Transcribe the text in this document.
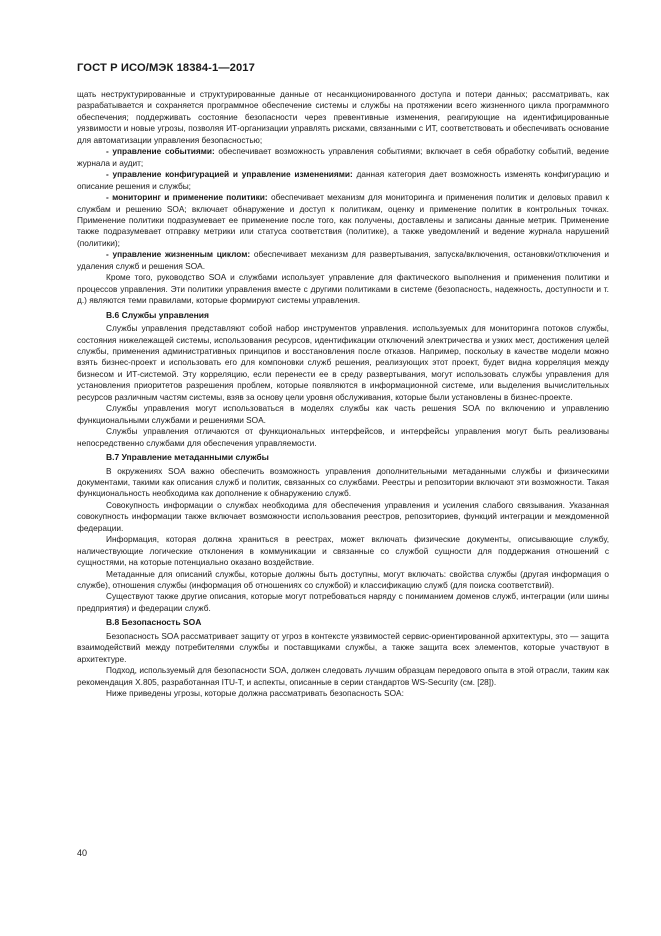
ГОСТ Р ИСО/МЭК 18384-1—2017

щать неструктурированные и структурированные данные от несанкционированного доступа и потери данных; рассматривать, как разрабатывается и сохраняется программное обеспечение системы и службы на протяжении всего жизненного цикла программного обеспечения; поддерживать состояние безопасности через превентивные изменения, реагирующие на идентифицированные уязвимости и новые угрозы, позволяя ИТ-организации управлять рисками, связанными с ИТ, соответствовать и обеспечивать основание для автоматизации управления безопасностью;

- управление событиями: обеспечивает возможность управления событиями; включает в себя обработку событий, ведение журнала и аудит;

- управление конфигурацией и управление изменениями: данная категория дает возможность изменять конфигурацию и описание решения и службы;

- мониторинг и применение политики: обеспечивает механизм для мониторинга и применения политик и деловых правил к службам и решению SOA; включает обнаружение и доступ к политикам, оценку и применение политик в контрольных точках. Применение политики подразумевает ее применение после того, как получены, доставлены и записаны данные метрик. Применение также подразумевает отправку метрики или статуса соответствия (политике), а также уведомлений и ведение журнала нарушений (политики);

- управление жизненным циклом: обеспечивает механизм для развертывания, запуска/включения, остановки/отключения и удаления служб и решения SOA.

Кроме того, руководство SOA и службами использует управление для фактического выполнения и применения политики и процессов управления. Эти политики управления вместе с другими политиками в системе (безопасность, надежность, доступности и т. д.) являются теми правилами, которые формируют системы управления.

В.6 Службы управления

Службы управления представляют собой набор инструментов управления. используемых для мониторинга потоков службы, состояния нижележащей системы, использования ресурсов, идентификации отключений электричества и узких мест, достижения целей службы, применения административных принципов и восстановления после отказов. Например, поскольку в качестве модели можно взять бизнес-проект и использовать его для компоновки служб решения, реализующих этот проект, будет видна корреляция между бизнесом и ИТ-системой. Эту корреляцию, если перенести ее в среду развертывания, могут использовать службы управления для установления приоритетов разрешения проблем, которые появляются в информационной системе, или выделения вычислительных ресурсов различным частям системы, взяв за основу цели уровня обслуживания, которые были установлены в бизнес-проекте.

Службы управления могут использоваться в моделях службы как часть решения SOA по включению и управлению функциональными службами и решениями SOA.

Службы управления отличаются от функциональных интерфейсов, и интерфейсы управления могут быть реализованы непосредственно службами для обеспечения управляемости.

В.7 Управление метаданными службы

В окружениях SOA важно обеспечить возможность управления дополнительными метаданными службы и физическими документами, такими как описания служб и политик, связанных со службами. Реестры и репозитории включают эти возможности. Такая функциональность необходима как дополнение к обнаружению служб.

Совокупность информации о службах необходима для обеспечения управления и усиления слабого связывания. Указанная совокупность информации также включает возможности использования реестров, репозиториев, функций интеграции и междоменной федерации.

Информация, которая должна храниться в реестрах, может включать физические документы, описывающие службу, наличествующие логические отклонения в коммуникации и связанные со службой сущности для поддержания отношений с сущностями, на которые потенциально оказано воздействие.

Метаданные для описаний службы, которые должны быть доступны, могут включать: свойства службы (другая информация о службе), отношения службы (информация об отношениях со службой) и классификацию служб (для поиска соответствий).

Существуют также другие описания, которые могут потребоваться наряду с пониманием доменов служб, интеграции (или шины предприятия) и федерации служб.

В.8 Безопасность SOA

Безопасность SOA рассматривает защиту от угроз в контексте уязвимостей сервис-ориентированной архитектуры, это — защита взаимодействий между потребителями службы и поставщиками службы, а также защита всех элементов, которые участвуют в архитектуре.

Подход, используемый для безопасности SOA, должен следовать лучшим образцам передового опыта в этой отрасли, таким как рекомендация X.805, разработанная ITU-T, и аспекты, описанные в серии стандартов WS-Security (см. [28]).

Ниже приведены угрозы, которые должна рассматривать безопасность SOA:

40
